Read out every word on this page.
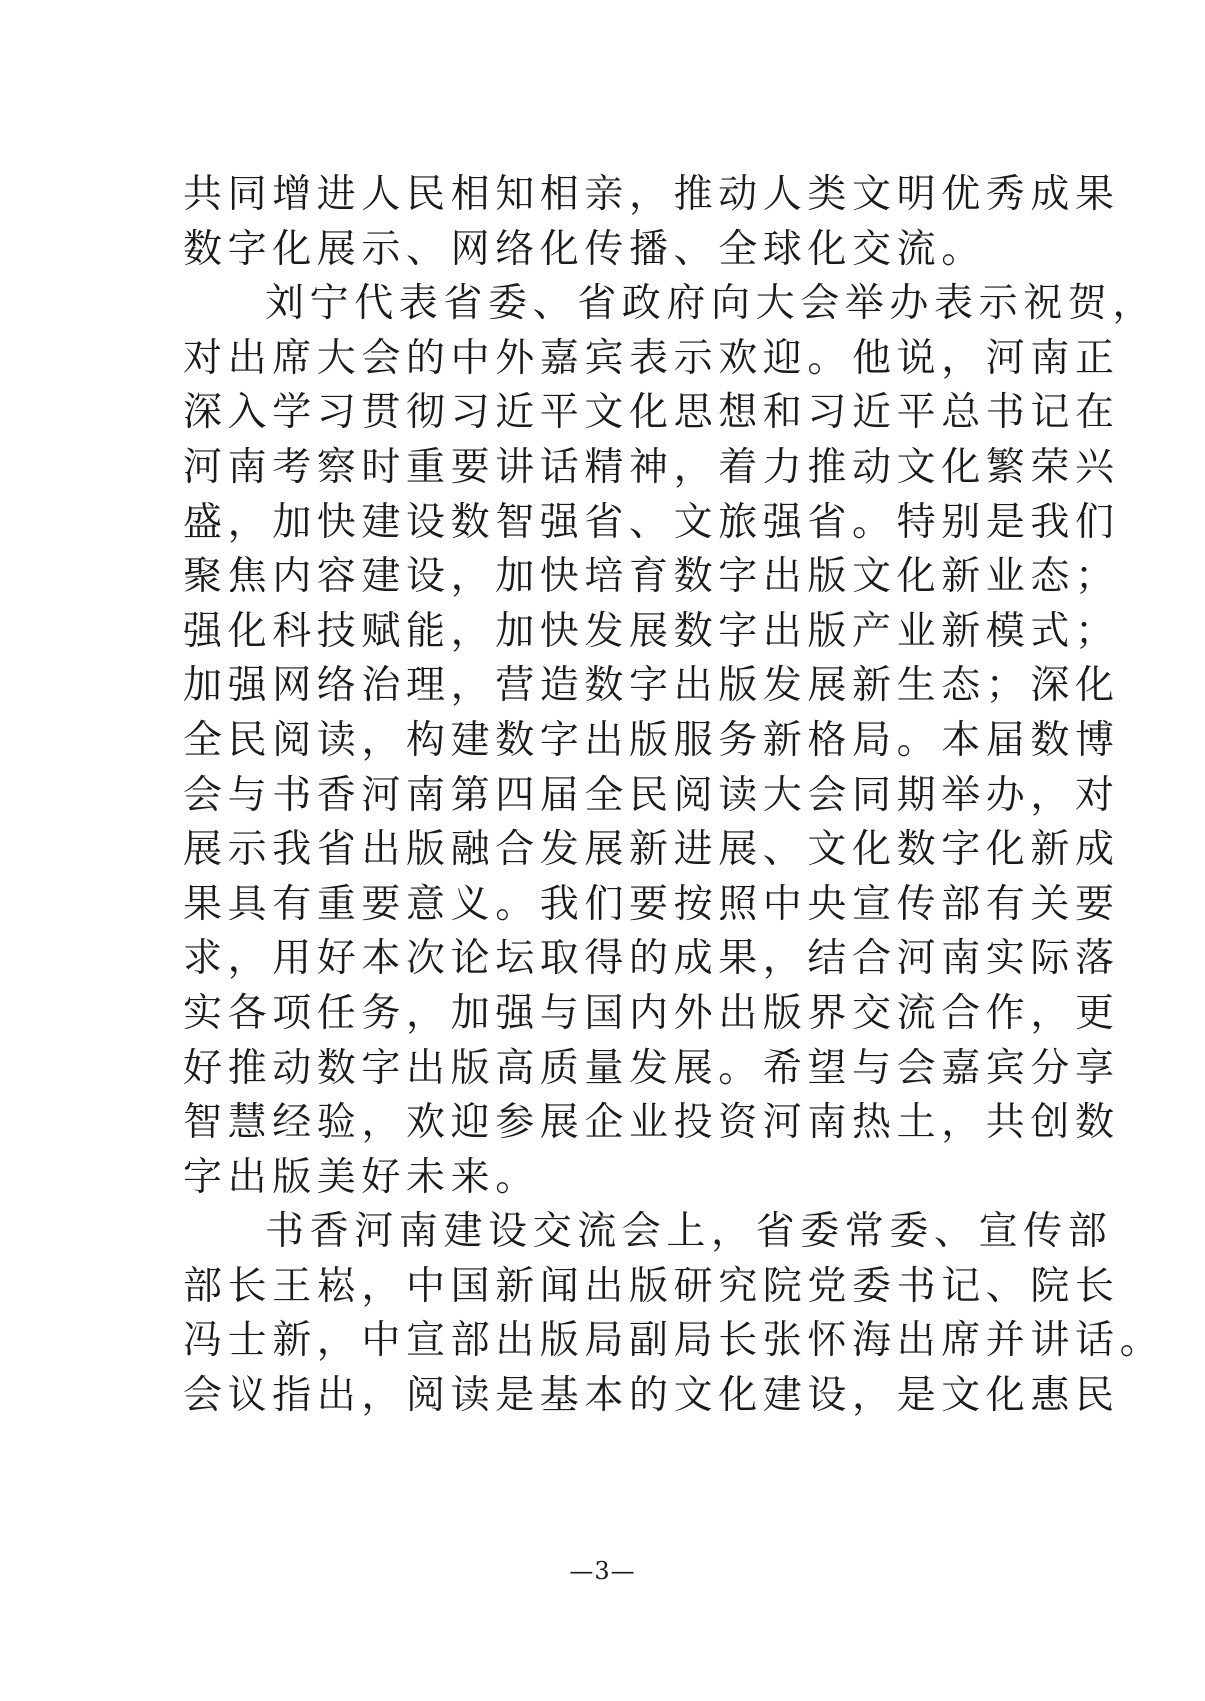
共同增进人民相知相亲，推动人类文明优秀成果
数字化展示、网络化传播、全球化交流。
刘宁代表省委、省政府向大会举办表示祝贺，
对出席大会的中外嘉宾表示欢迎。他说，河南正
深入学习贯彻习近平文化思想和习近平总书记在
河南考察时重要讲话精神，着力推动文化繁荣兴
盛，加快建设数智强省、文旅强省。特别是我们
聚焦内容建设，加快培育数字出版文化新业态；
强化科技赋能，加快发展数字出版产业新模式；
加强网络治理，营造数字出版发展新生态；深化
全民阅读，构建数字出版服务新格局。本届数博
会与书香河南第四届全民阅读大会同期举办，对
展示我省出版融合发展新进展、文化数字化新成
果具有重要意义。我们要按照中央宣传部有关要
求，用好本次论坛取得的成果，结合河南实际落
实各项任务，加强与国内外出版界交流合作，更
好推动数字出版高质量发展。希望与会嘉宾分享
智慧经验，欢迎参展企业投资河南热土，共创数
字出版美好未来。
书香河南建设交流会上，省委常委、宣传部
部长王崧，中国新闻出版研究院党委书记、院长
冯士新，中宣部出版局副局长张怀海出席并讲话。
会议指出，阅读是基本的文化建设，是文化惠民
—3—
